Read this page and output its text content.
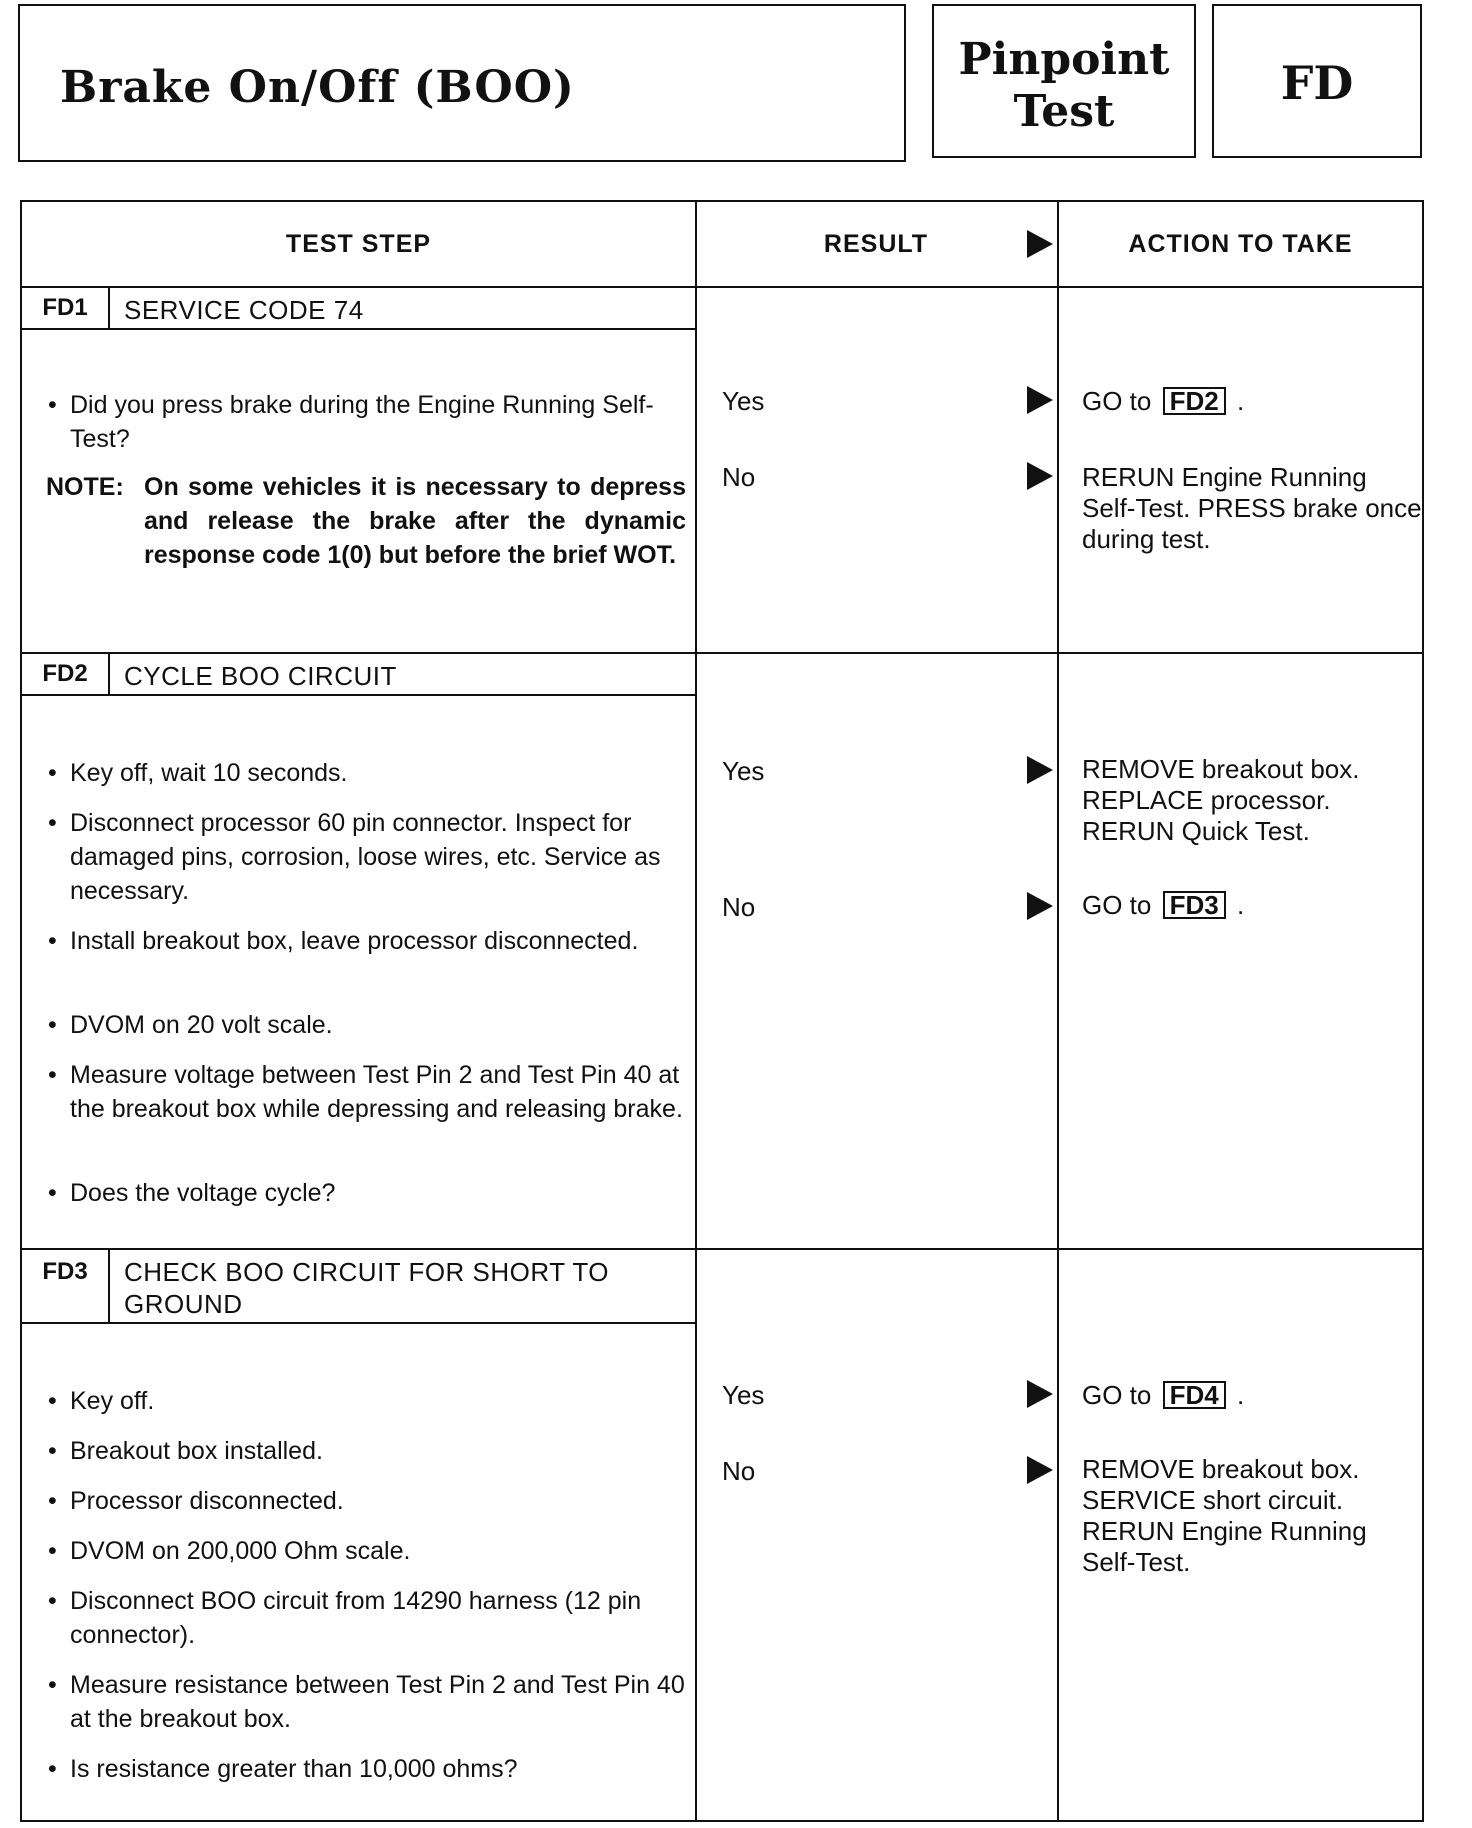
Brake On/Off (BOO)
Pinpoint
Test
FD
TEST STEP	RESULT	ACTION TO TAKE
FD1	SERVICE CODE 74
• Did you press brake during the Engine Running Self-Test?
NOTE: On some vehicles it is necessary to depress and release the brake after the dynamic response code 1(0) but before the brief WOT.
Yes	GO to FD2 .
No	RERUN Engine Running Self-Test. PRESS brake once during test.
FD2	CYCLE BOO CIRCUIT
• Key off, wait 10 seconds.
• Disconnect processor 60 pin connector. Inspect for damaged pins, corrosion, loose wires, etc. Service as necessary.
• Install breakout box, leave processor disconnected.
• DVOM on 20 volt scale.
• Measure voltage between Test Pin 2 and Test Pin 40 at the breakout box while depressing and releasing brake.
• Does the voltage cycle?
Yes	REMOVE breakout box. REPLACE processor. RERUN Quick Test.
No	GO to FD3 .
FD3	CHECK BOO CIRCUIT FOR SHORT TO GROUND
• Key off.
• Breakout box installed.
• Processor disconnected.
• DVOM on 200,000 Ohm scale.
• Disconnect BOO circuit from 14290 harness (12 pin connector).
• Measure resistance between Test Pin 2 and Test Pin 40 at the breakout box.
• Is resistance greater than 10,000 ohms?
Yes	GO to FD4 .
No	REMOVE breakout box. SERVICE short circuit. RERUN Engine Running Self-Test.
